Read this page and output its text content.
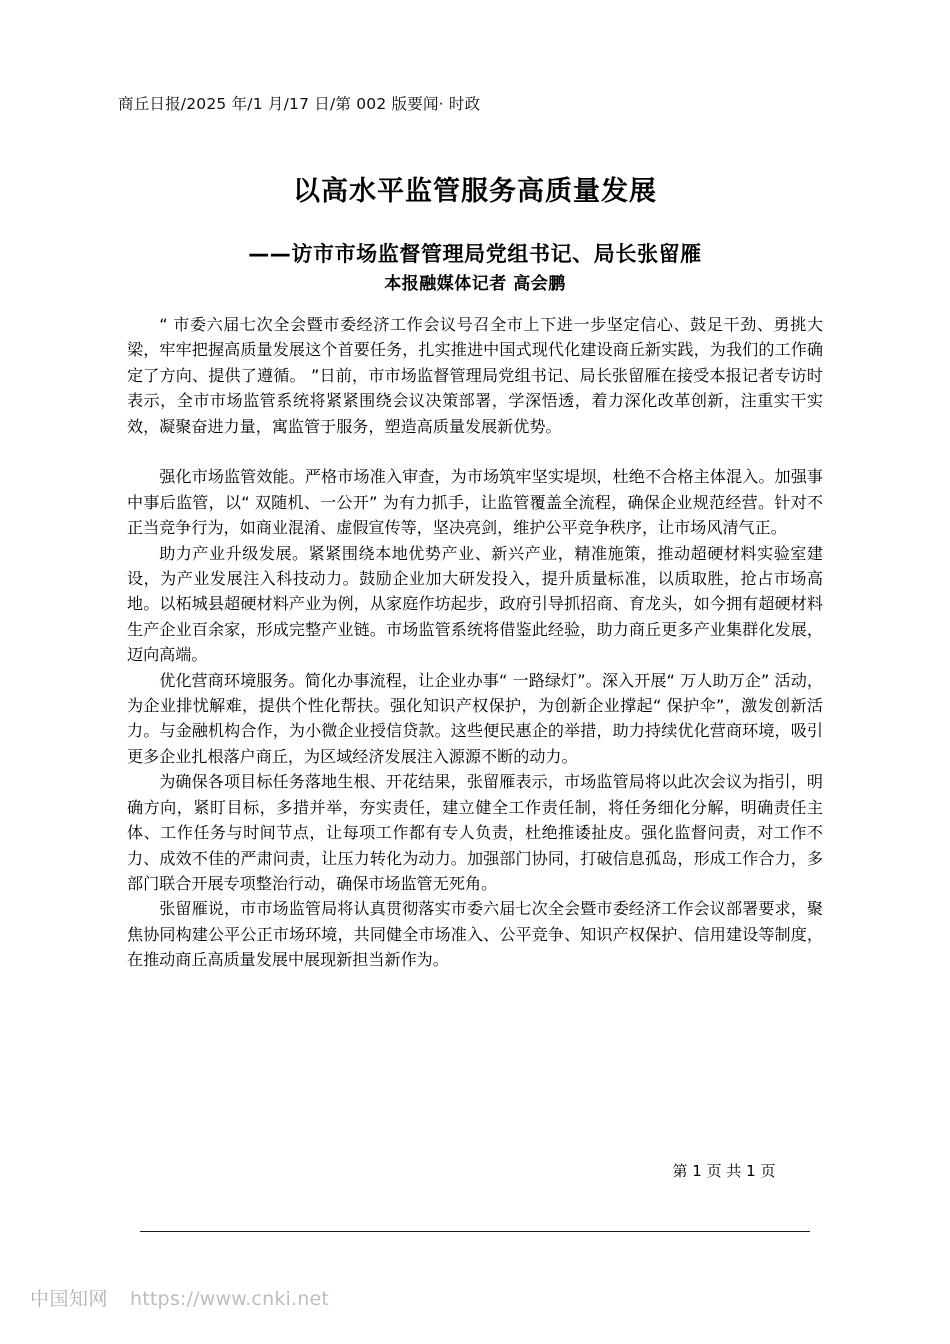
商丘日报/2025 年/1 月/17 日/第 002 版要闻· 时政
以高水平监管服务高质量发展
——访市市场监督管理局党组书记、局长张留雁
本报融媒体记者 高会鹏

“ 市委六届七次全会暨市委经济工作会议号召全市上下进一步坚定信心、鼓足干劲、勇挑大梁，牢牢把握高质量发展这个首要任务，扎实推进中国式现代化建设商丘新实践，为我们的工作确定了方向、提供了遵循。 ”日前，市市场监督管理局党组书记、局长张留雁在接受本报记者专访时表示，全市市场监管系统将紧紧围绕会议决策部署，学深悟透，着力深化改革创新，注重实干实效，凝聚奋进力量，寓监管于服务，塑造高质量发展新优势。

强化市场监管效能。严格市场准入审查，为市场筑牢坚实堤坝，杜绝不合格主体混入。加强事中事后监管，以“ 双随机、一公开” 为有力抓手，让监管覆盖全流程，确保企业规范经营。针对不正当竞争行为，如商业混淆、虚假宣传等，坚决亮剑，维护公平竞争秩序，让市场风清气正。

助力产业升级发展。紧紧围绕本地优势产业、新兴产业，精准施策，推动超硬材料实验室建设，为产业发展注入科技动力。鼓励企业加大研发投入，提升质量标准，以质取胜，抢占市场高地。以柘城县超硬材料产业为例，从家庭作坊起步，政府引导抓招商、育龙头，如今拥有超硬材料生产企业百余家，形成完整产业链。市场监管系统将借鉴此经验，助力商丘更多产业集群化发展，迈向高端。

优化营商环境服务。简化办事流程，让企业办事“ 一路绿灯”。深入开展“ 万人助万企” 活动，为企业排忧解难，提供个性化帮扶。强化知识产权保护，为创新企业撑起“ 保护伞”，激发创新活力。与金融机构合作，为小微企业授信贷款。这些便民惠企的举措，助力持续优化营商环境，吸引更多企业扎根落户商丘，为区域经济发展注入源源不断的动力。

为确保各项目标任务落地生根、开花结果，张留雁表示，市场监管局将以此次会议为指引，明确方向，紧盯目标，多措并举，夯实责任，建立健全工作责任制，将任务细化分解，明确责任主体、工作任务与时间节点，让每项工作都有专人负责，杜绝推诿扯皮。强化监督问责，对工作不力、成效不佳的严肃问责，让压力转化为动力。加强部门协同，打破信息孤岛，形成工作合力，多部门联合开展专项整治行动，确保市场监管无死角。

张留雁说，市市场监管局将认真贯彻落实市委六届七次全会暨市委经济工作会议部署要求，聚焦协同构建公平公正市场环境，共同健全市场准入、公平竞争、知识产权保护、信用建设等制度，在推动商丘高质量发展中展现新担当新作为。

第 1 页 共 1 页
中国知网 https://www.cnki.net
